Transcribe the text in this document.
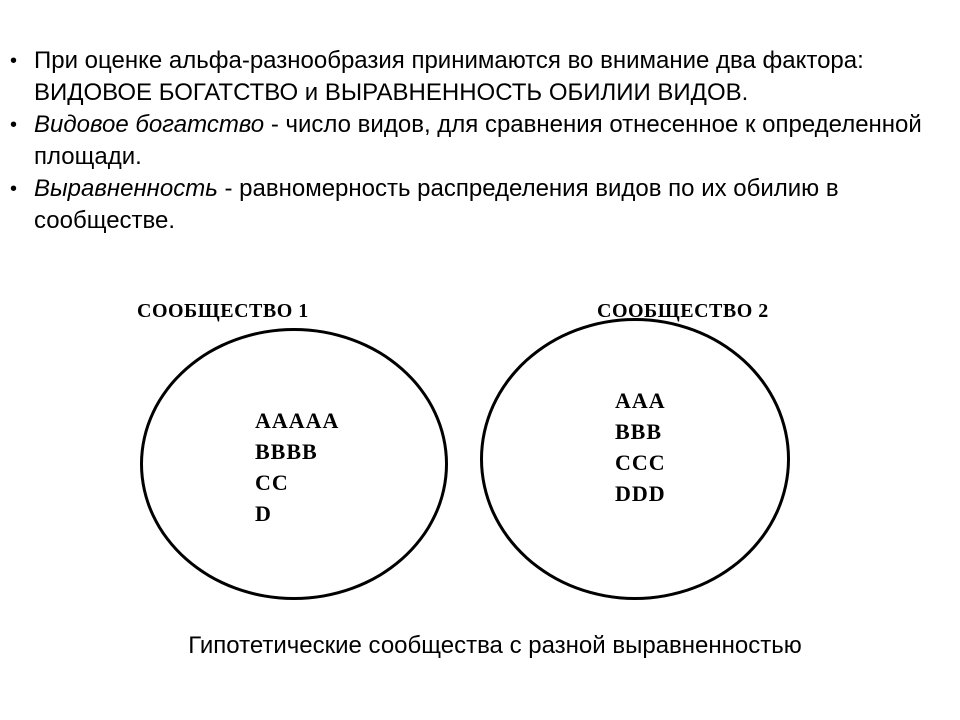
• При оценке альфа-разнообразия принимаются во внимание два фактора: ВИДОВОЕ БОГАТСТВО и ВЫРАВНЕННОСТЬ ОБИЛИИ ВИДОВ.
• Видовое богатство - число видов, для сравнения отнесенное к определенной площади.
• Выравненность - равномерность распределения видов по их обилию в сообществе.
СООБЩЕСТВО 1
AAAAA
BBBB
CC
D
СООБЩЕСТВО 2
AAA
BBB
CCC
DDD
Гипотетические сообщества с разной выравненностью
